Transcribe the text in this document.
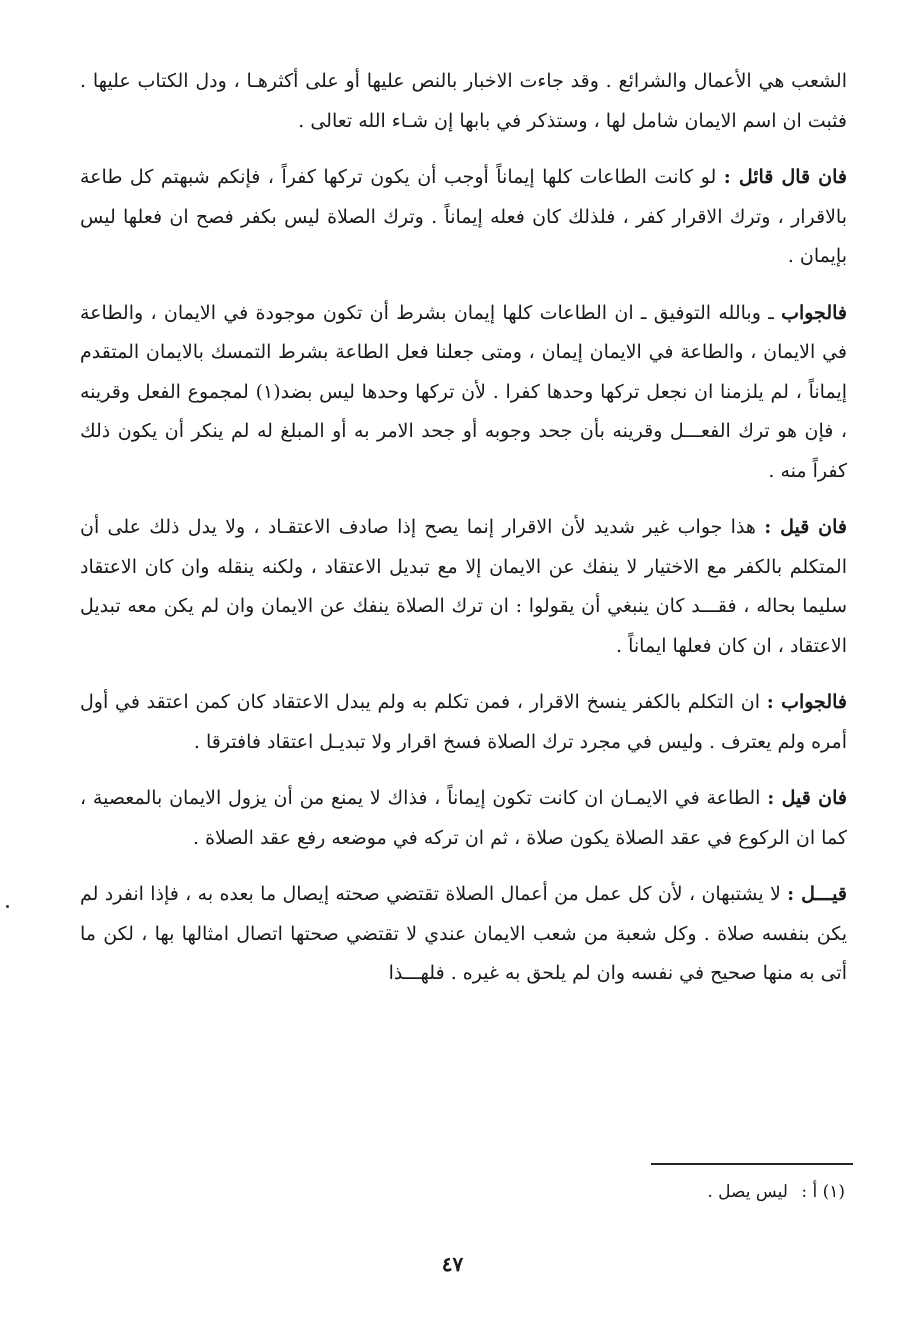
الشعب هي الأعمال والشرائع . وقد جاءت الاخبار بالنص عليها أو على أكثرهـا ، ودل الكتاب عليها . فثبت ان اسم الايمان شامل لها ، وستذكر في بابها إن شـاء الله تعالى .

فان قال قائل : لو كانت الطاعات كلها إيماناً أوجب أن يكون تركها كفراً ، فإنكم شبهتم كل طاعة بالاقرار ، وترك الاقرار كفر ، فلذلك كان فعله إيماناً . وترك الصلاة ليس بكفر فصح ان فعلها ليس بإيمان .

فالجواب ـ وبالله التوفيق ـ ان الطاعات كلها إيمان بشرط أن تكون موجودة في الايمان ، والطاعة في الايمان ، والطاعة في الايمان إيمان ، ومتى جعلنا فعل الطاعة بشرط التمسك بالايمان المتقدم إيماناً ، لم يلزمنا ان نجعل تركها وحدها كفرا . لأن تركها وحدها ليس بضد(١) لمجموع الفعل وقرينه ، فإن هو ترك الفعـــل وقرينه بأن جحد وجوبه أو جحد الامر به أو المبلغ له لم ينكر أن يكون ذلك كفراً منه .

فان قيل : هذا جواب غير شديد لأن الاقرار إنما يصح إذا صادف الاعتقـاد ، ولا يدل ذلك على أن المتكلم بالكفر مع الاختيار لا ينفك عن الايمان إلا مع تبديل الاعتقاد ، ولكنه ينقله وان كان الاعتقاد سليما بحاله ، فقـــد كان ينبغي أن يقولوا : ان ترك الصلاة ينفك عن الايمان وان لم يكن معه تبديل الاعتقاد ، ان كان فعلها ايماناً .

فالجواب : ان التكلم بالكفر ينسخ الاقرار ، فمن تكلم به ولم يبدل الاعتقاد كان كمن اعتقد في أول أمره ولم يعترف . وليس في مجرد ترك الصلاة فسخ اقرار ولا تبديـل اعتقاد فافترقا .

فان قيل : الطاعة في الايمـان ان كانت تكون إيماناً ، فذاك لا يمنع من أن يزول الايمان بالمعصية ، كما ان الركوع في عقد الصلاة يكون صلاة ، ثم ان تركه في موضعه رفع عقد الصلاة .

قيـــل : لا يشتبهان ، لأن كل عمل من أعمال الصلاة تقتضي صحته إيصال ما بعده به ، فإذا انفرد لم يكن بنفسه صلاة . وكل شعبة من شعب الايمان عندي لا تقتضي صحتها اتصال امثالها بها ، لكن ما أتى به منها صحيح في نفسه وان لم يلحق به غيره . فلهـــذا

(١) أ : ليس يصل .
٤٧
